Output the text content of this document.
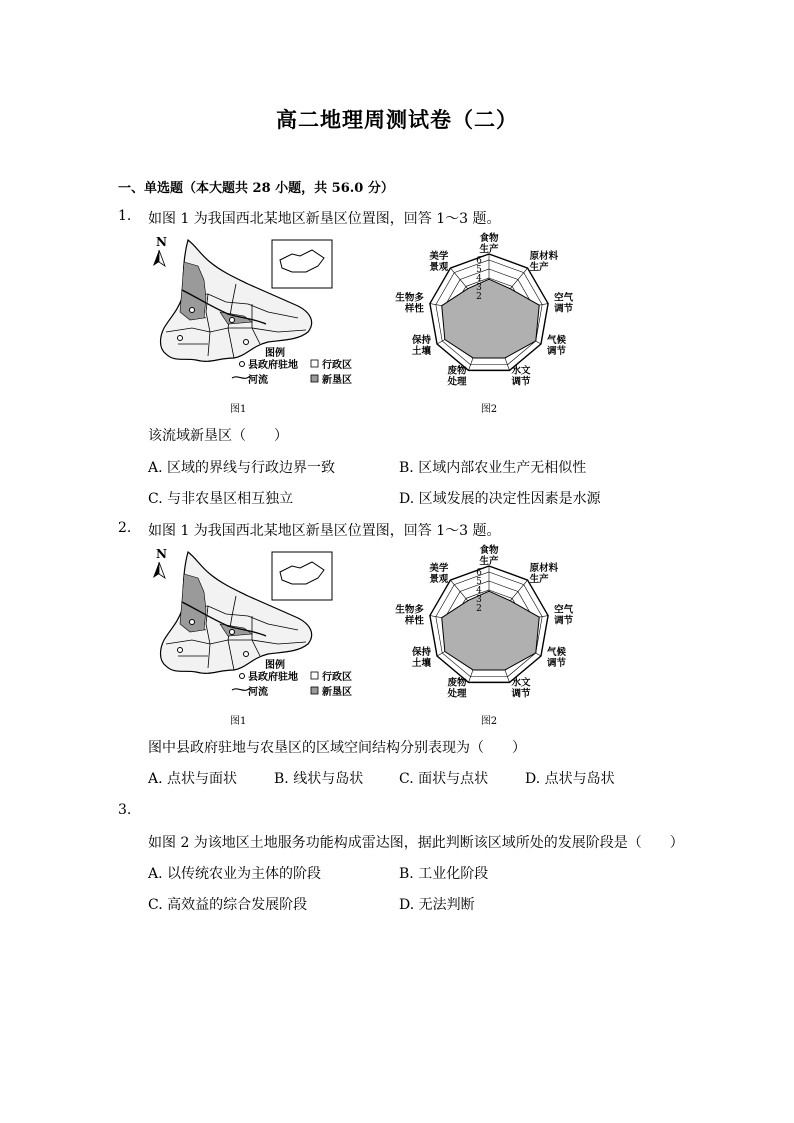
高二地理周测试卷（二）
一、单选题（本大题共 28 小题，共 56.0 分）
1. 如图 1 为我国西北某地区新垦区位置图，回答 1～3 题。
N
图例
县政府驻地 行政区
河流	新垦区
图1
6
5
4
3
2
食物生产
原材料生产
空气调节
气候调节
水文调节
废物处理
保持土壤
生物多样性
美学景观
图2
该流域新垦区（　　）
A. 区域的界线与行政边界一致	B. 区域内部农业生产无相似性
C. 与非农垦区相互独立	D. 区域发展的决定性因素是水源
2. 如图 1 为我国西北某地区新垦区位置图，回答 1～3 题。
N
图例
县政府驻地 行政区
河流	新垦区
图1
6
5
4
3
2
食物生产
原材料生产
空气调节
气候调节
水文调节
废物处理
保持土壤
生物多样性
美学景观
图2
图中县政府驻地与农垦区的区域空间结构分别表现为（　　）
A. 点状与面状	B. 线状与岛状	C. 面状与点状	D. 点状与岛状
3.
如图 2 为该地区土地服务功能构成雷达图，据此判断该区域所处的发展阶段是（　　）
A. 以传统农业为主体的阶段	B. 工业化阶段
C. 高效益的综合发展阶段	D. 无法判断
